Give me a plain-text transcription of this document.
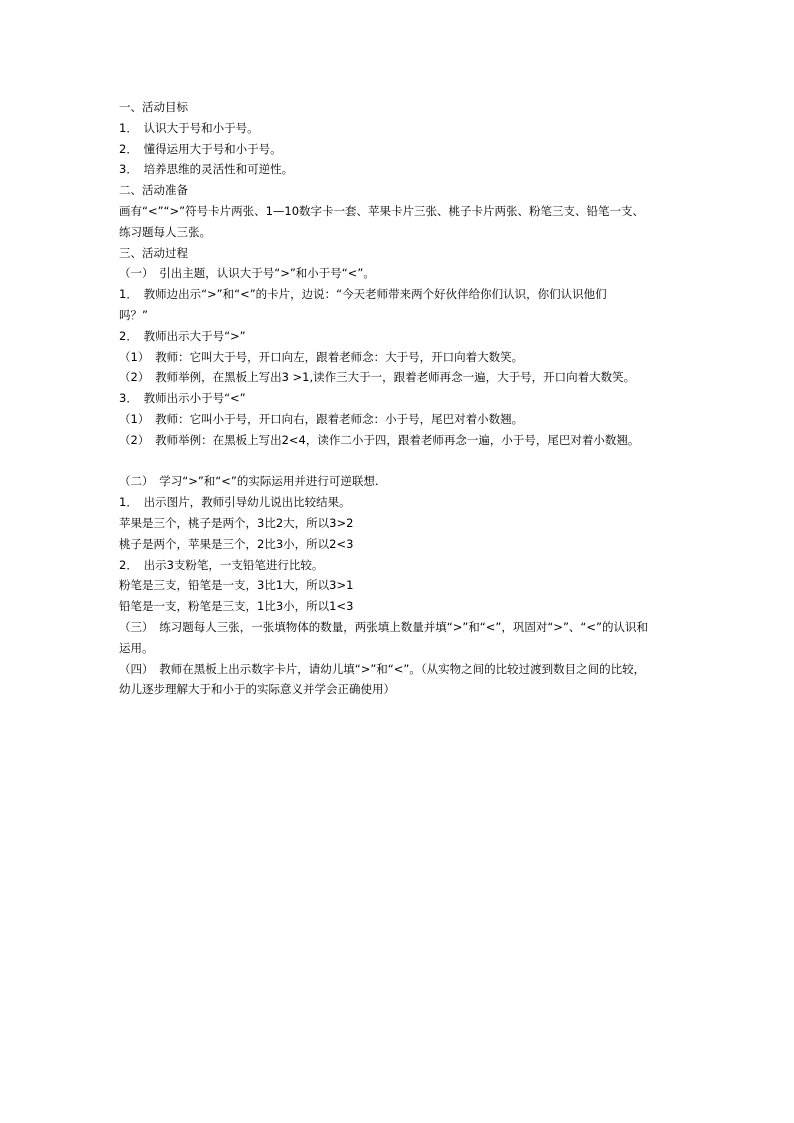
一、活动目标
1．　认识大于号和小于号。
2．　懂得运用大于号和小于号。
3．　培养思维的灵活性和可逆性。
二、活动准备
画有“<”“>”符号卡片两张、1—10数字卡一套、苹果卡片三张、桃子卡片两张、粉笔三支、铅笔一支、
练习题每人三张。
三、活动过程
（一）　引出主题，认识大于号“>”和小于号“<”。
1．　教师边出示“>”和“<”的卡片，边说：“今天老师带来两个好伙伴给你们认识，你们认识他们
吗？”
2．　教师出示大于号“>”
（1）　教师：它叫大于号，开口向左，跟着老师念：大于号，开口向着大数笑。
（2）　教师举例，在黑板上写出3 >1,读作三大于一，跟着老师再念一遍，大于号，开口向着大数笑。
3．　教师出示小于号“<”
（1）　教师：它叫小于号，开口向右，跟着老师念：小于号，尾巴对着小数翘。
（2）　教师举例：在黑板上写出2<4，读作二小于四，跟着老师再念一遍，小于号，尾巴对着小数翘。
（二）　学习“>”和“<”的实际运用并进行可逆联想.
1．　出示图片，教师引导幼儿说出比较结果。
苹果是三个，桃子是两个，3比2大，所以3>2
桃子是两个，苹果是三个，2比3小，所以2<3
2．　出示3支粉笔，一支铅笔进行比较。
粉笔是三支，铅笔是一支，3比1大，所以3>1
铅笔是一支，粉笔是三支，1比3小，所以1<3
（三）　练习题每人三张，一张填物体的数量，两张填上数量并填“>”和“<”，巩固对“>”、“<”的认识和
运用。
（四）　教师在黑板上出示数字卡片，请幼儿填“>”和“<”。（从实物之间的比较过渡到数目之间的比较，
幼儿逐步理解大于和小于的实际意义并学会正确使用）
